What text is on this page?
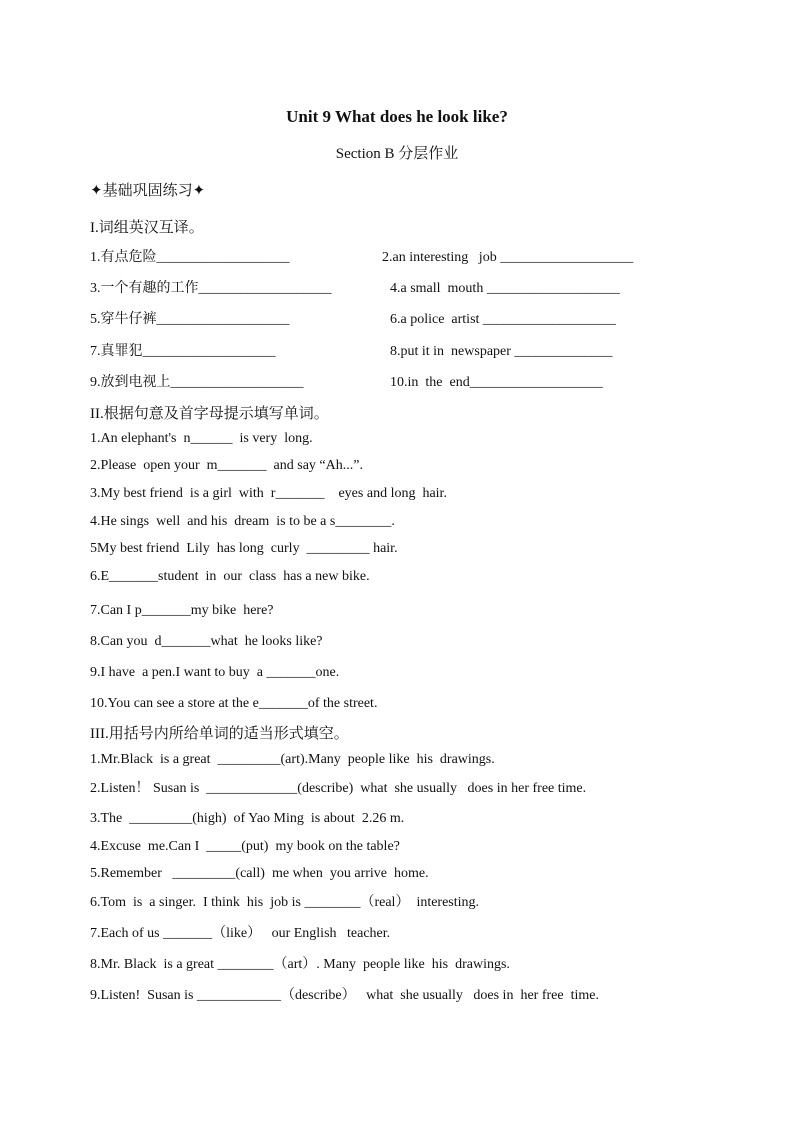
Unit 9 What does he look like?
Section B 分层作业
✦基础巩固练习✦
I.词组英汉互译。
1.有点危险___________________	2.an interesting   job ___________________
3.一个有趣的工作___________________	4.a small  mouth ___________________
5.穿牛仔裤___________________	6.a police  artist ___________________
7.真罪犯___________________	8.put it in  newspaper ______________
9.放到电视上___________________	10.in  the  end___________________
II.根据句意及首字母提示填写单词。
1.An elephant's  n______  is very  long.
2.Please  open your  m_______  and say “Ah...”.
3.My best friend  is a girl  with  r_______    eyes and long  hair.
4.He sings  well  and his  dream  is to be a s________.
5My best friend  Lily  has long  curly  _________ hair.
6.E_______student  in  our  class  has a new bike.
7.Can I p_______my bike  here?
8.Can you  d_______what  he looks like?
9.I have  a pen.I want to buy  a _______one.
10.You can see a store at the e_______of the street.
III.用括号内所给单词的适当形式填空。
1.Mr.Black  is a great  _________(art).Many  people like  his  drawings.
2.Listen！ Susan is  _____________(describe)  what  she usually   does in her free time.
3.The  _________(high)  of Yao Ming  is about  2.26 m.
4.Excuse  me.Can I  _____(put)  my book on the table?
5.Remember   _________(call)  me when  you arrive  home.
6.Tom  is  a singer.  I think  his  job is ________（real）  interesting.
7.Each of us _______（like）   our English   teacher.
8.Mr. Black  is a great ________（art）. Many  people like  his  drawings.
9.Listen!  Susan is ____________（describe）   what  she usually   does in  her free  time.
